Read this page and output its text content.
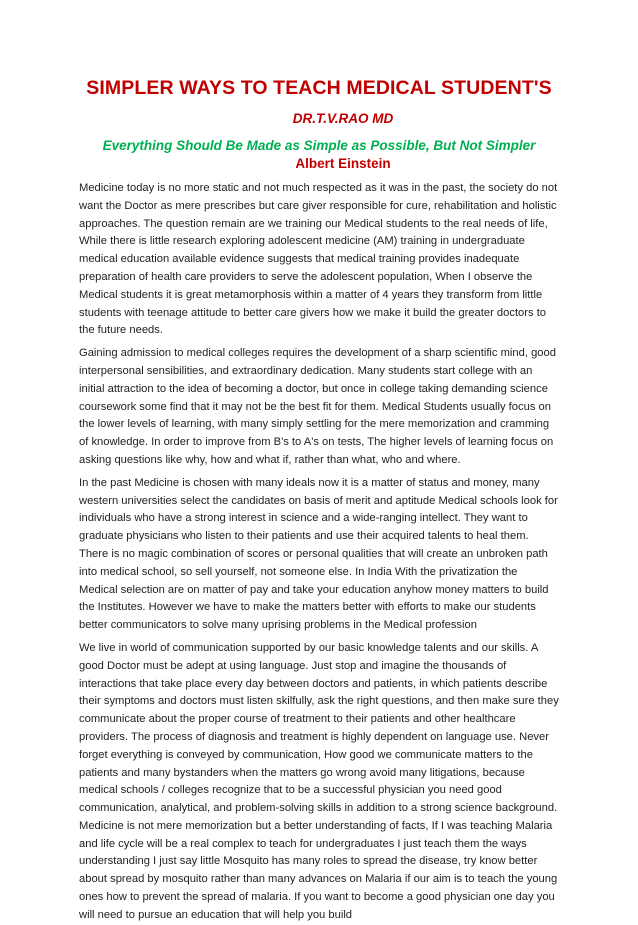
SIMPLER WAYS TO TEACH MEDICAL STUDENT'S
DR.T.V.RAO MD
Everything Should Be Made as Simple as Possible, But Not Simpler
Albert Einstein

Medicine today is no more static and not much respected as it was in the past, the society do not want the Doctor as mere prescribes but care giver responsible for cure, rehabilitation and holistic approaches. The question remain are we training our Medical students to the real needs of life, While there is little research exploring adolescent medicine (AM) training in undergraduate medical education available evidence suggests that medical training provides inadequate preparation of health care providers to serve the adolescent population, When I observe the Medical students it is great metamorphosis within a matter of 4 years they transform from little students with teenage attitude to better care givers how we make it build the greater doctors to the future needs.

Gaining admission to medical colleges requires the development of a sharp scientific mind, good interpersonal sensibilities, and extraordinary dedication. Many students start college with an initial attraction to the idea of becoming a doctor, but once in college taking demanding science coursework some find that it may not be the best fit for them. Medical Students usually focus on the lower levels of learning, with many simply settling for the mere memorization and cramming of knowledge. In order to improve from B's to A's on tests, The higher levels of learning focus on asking questions like why, how and what if, rather than what, who and where.

In the past Medicine is chosen with many ideals now it is a matter of status and money, many western universities select the candidates on basis of merit and aptitude Medical schools look for individuals who have a strong interest in science and a wide-ranging intellect. They want to graduate physicians who listen to their patients and use their acquired talents to heal them. There is no magic combination of scores or personal qualities that will create an unbroken path into medical school, so sell yourself, not someone else. In India With the privatization the Medical selection are on matter of pay and take your education anyhow money matters to build the Institutes. However we have to make the matters better with efforts to make our students better communicators to solve many uprising problems in the Medical profession

We live in world of communication supported by our basic knowledge talents and our skills. A good Doctor must be adept at using language. Just stop and imagine the thousands of interactions that take place every day between doctors and patients, in which patients describe their symptoms and doctors must listen skilfully, ask the right questions, and then make sure they communicate about the proper course of treatment to their patients and other healthcare providers. The process of diagnosis and treatment is highly dependent on language use. Never forget everything is conveyed by communication, How good we communicate matters to the patients and many bystanders when the matters go wrong avoid many litigations, because medical schools / colleges recognize that to be a successful physician you need good communication, analytical, and problem-solving skills in addition to a strong science background. Medicine is not mere memorization but a better understanding of facts, If I was teaching Malaria and life cycle will be a real complex to teach for undergraduates I just teach them the ways understanding I just say little Mosquito has many roles to spread the disease, try know better about spread by mosquito rather than many advances on Malaria if our aim is to teach the young ones how to prevent the spread of malaria. If you want to become a good physician one day you will need to pursue an education that will help you build
